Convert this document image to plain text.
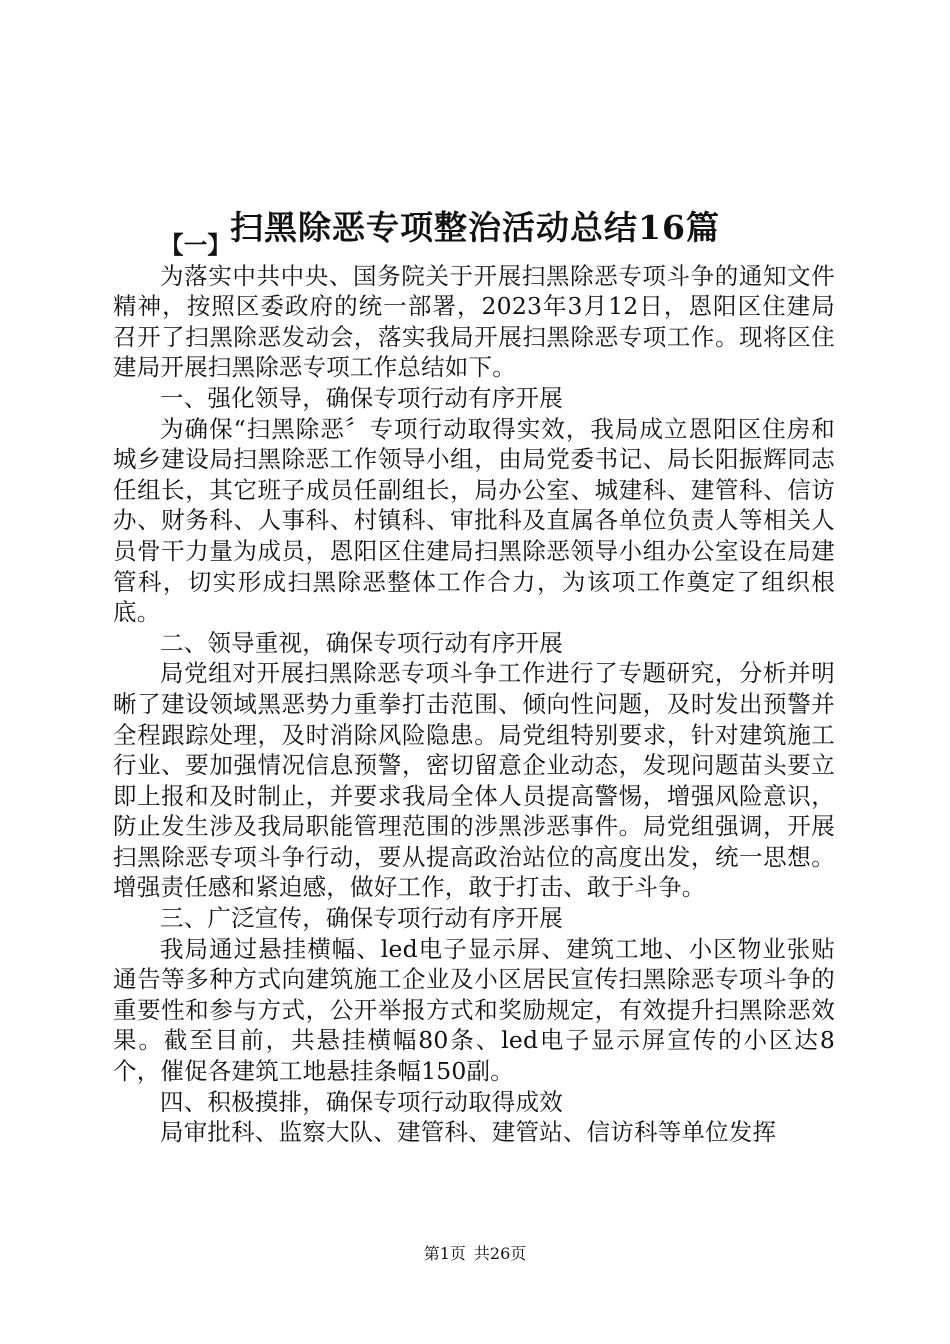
扫黑除恶专项整治活动总结16篇

【一】

为落实中共中央、国务院关于开展扫黑除恶专项斗争的通知文件精神，按照区委政府的统一部署，2023年3月12日，恩阳区住建局召开了扫黑除恶发动会，落实我局开展扫黑除恶专项工作。现将区住建局开展扫黑除恶专项工作总结如下。

一、强化领导，确保专项行动有序开展

为确保“扫黑除恶〞专项行动取得实效，我局成立恩阳区住房和城乡建设局扫黑除恶工作领导小组，由局党委书记、局长阳振辉同志任组长，其它班子成员任副组长，局办公室、城建科、建管科、信访办、财务科、人事科、村镇科、审批科及直属各单位负责人等相关人员骨干力量为成员，恩阳区住建局扫黑除恶领导小组办公室设在局建管科，切实形成扫黑除恶整体工作合力，为该项工作奠定了组织根底。

二、领导重视，确保专项行动有序开展

局党组对开展扫黑除恶专项斗争工作进行了专题研究，分析并明晰了建设领域黑恶势力重拳打击范围、倾向性问题，及时发出预警并全程跟踪处理，及时消除风险隐患。局党组特别要求，针对建筑施工行业、要加强情况信息预警，密切留意企业动态，发现问题苗头要立即上报和及时制止，并要求我局全体人员提高警惕，增强风险意识，防止发生涉及我局职能管理范围的涉黑涉恶事件。局党组强调，开展扫黑除恶专项斗争行动，要从提高政治站位的高度出发，统一思想。增强责任感和紧迫感，做好工作，敢于打击、敢于斗争。

三、广泛宣传，确保专项行动有序开展

我局通过悬挂横幅、led电子显示屏、建筑工地、小区物业张贴通告等多种方式向建筑施工企业及小区居民宣传扫黑除恶专项斗争的重要性和参与方式，公开举报方式和奖励规定，有效提升扫黑除恶效果。截至目前，共悬挂横幅80条、led电子显示屏宣传的小区达8个，催促各建筑工地悬挂条幅150副。

四、积极摸排，确保专项行动取得成效

局审批科、监察大队、建管科、建管站、信访科等单位发挥

第1页 共26页
